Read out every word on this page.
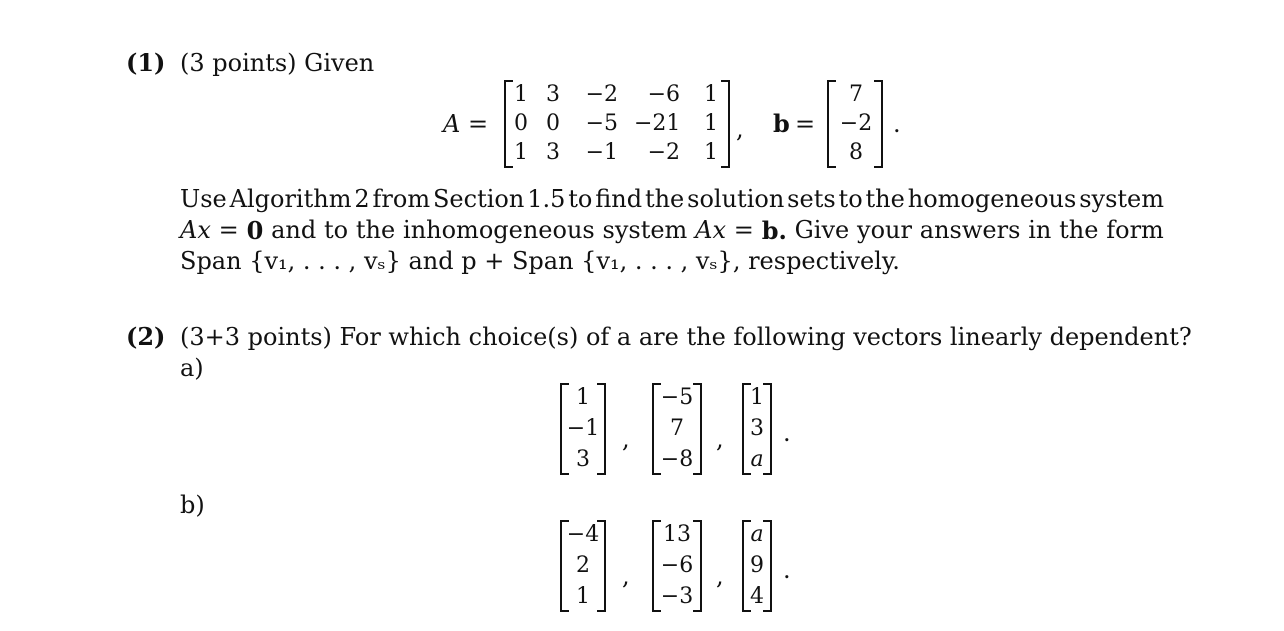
(1) (3 points) Given
A =
1 3 −2	−6 1
0 0 −5 −21 1
1 3 −1	−2 1
, b =
7
−2
8
.
Use Algorithm 2 from Section 1.5 to find the solution sets to the homogeneous system
Ax = 0 and to the inhomogeneous system Ax = b. Give your answers in the form
Span {v₁, . . . , vₛ} and p + Span {v₁, . . . , vₛ}, respectively.
(2) (3+3 points) For which choice(s) of a are the following vectors linearly dependent?
a)
1
−1
3
,
−5
7
−8
,
1
3
a
.
b)
−4
2
1
,
13
−6
−3
,
a
9
4
.
